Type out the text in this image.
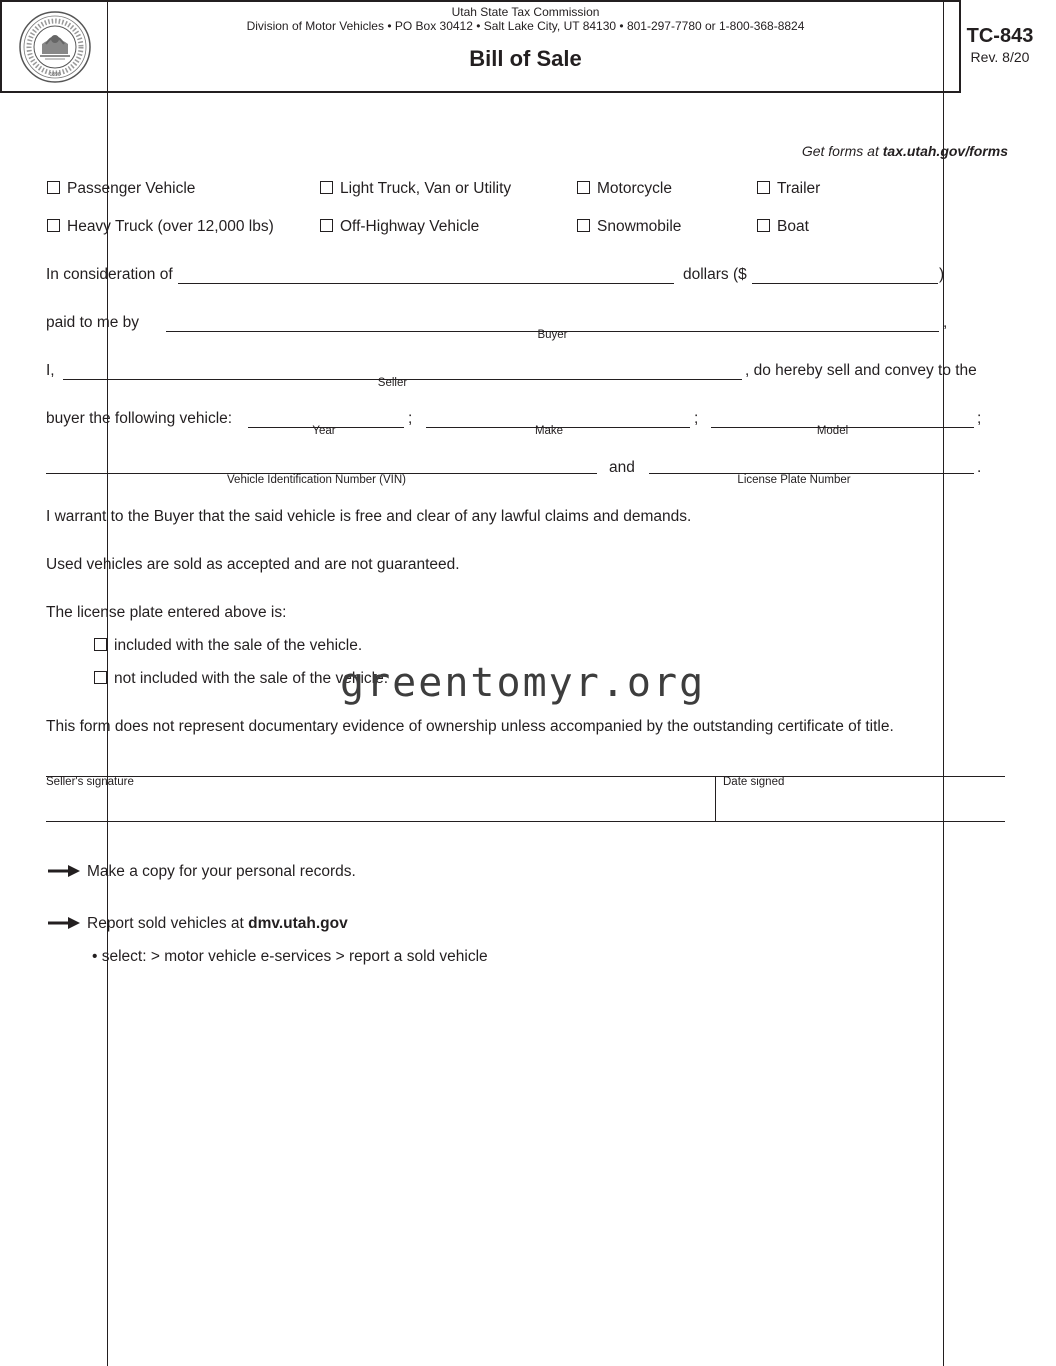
1896
Utah State Tax Commission
Division of Motor Vehicles • PO Box 30412 • Salt Lake City, UT 84130 • 801-297-7780 or 1-800-368-8824
Bill of Sale
TC-843
Rev. 8/20
Get forms at tax.utah.gov/forms
Passenger Vehicle	Light Truck, Van or Utility	Motorcycle	Trailer
Heavy Truck (over 12,000 lbs)	Off-Highway Vehicle	Snowmobile	Boat
In consideration of	dollars ($	)
paid to me by	,
Buyer
I,	, do hereby sell and convey to the
Seller
buyer the following vehicle:	;
Year
;
Make
;
Model
Vehicle Identification Number (VIN)
and	.
License Plate Number
I warrant to the Buyer that the said vehicle is free and clear of any lawful claims and demands.
Used vehicles are sold as accepted and are not guaranteed.
The license plate entered above is:
included with the sale of the vehicle.
not included with the sale of the vehicle.
This form does not represent documentary evidence of ownership unless accompanied by the outstanding certificate of title.
greentomyr.org
Seller's signature	Date signed
Make a copy for your personal records.
Report sold vehicles at dmv.utah.gov
• select: > motor vehicle e-services > report a sold vehicle
